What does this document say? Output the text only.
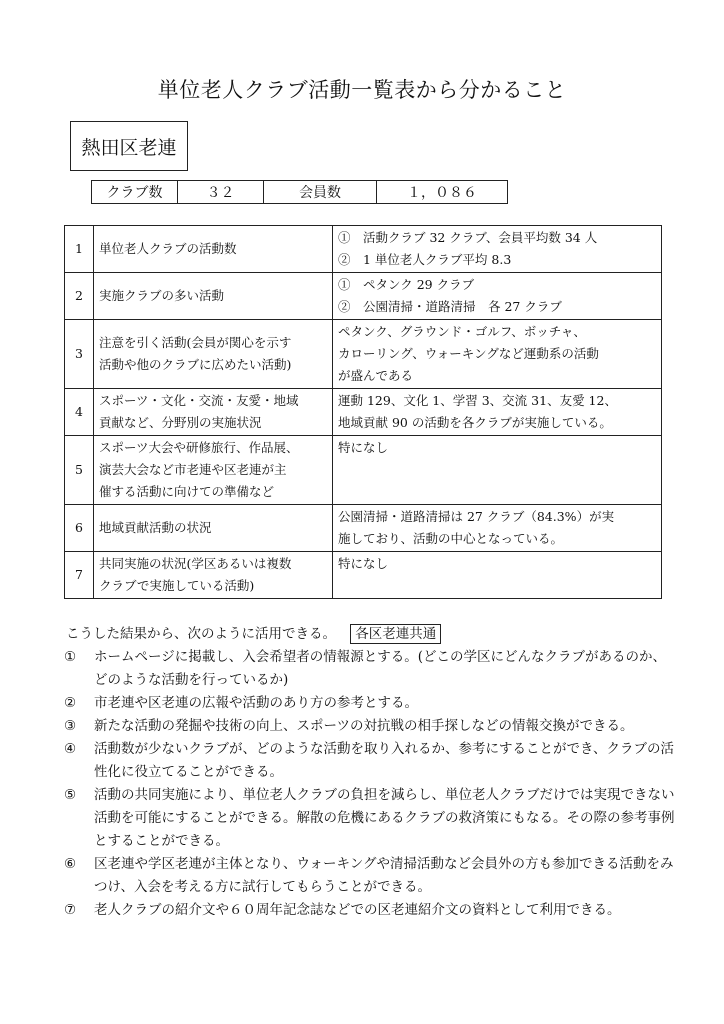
単位老人クラブ活動一覧表から分かること
熱田区老連
クラブ数	３２	会員数	１，０８６
1	単位老人クラブの活動数	①　活動クラブ 32 クラブ、会員平均数 34 人
②　1 単位老人クラブ平均 8.3

2	実施クラブの多い活動	①　ペタンク 29 クラブ
②　公園清掃・道路清掃　各 27 クラブ

3	注意を引く活動(会員が関心を示す
活動や他のクラブに広めたい活動)	ペタンク、グラウンド・ゴルフ、ボッチャ、
カローリング、ウォーキングなど運動系の活動
が盛んである

4	スポーツ・文化・交流・友愛・地域
貢献など、分野別の実施状況	運動 129、文化 1、学習 3、交流 31、友愛 12、
地域貢献 90 の活動を各クラブが実施している。

5	スポーツ大会や研修旅行、作品展、
演芸大会など市老連や区老連が主
催する活動に向けての準備など	特になし

6	地域貢献活動の状況	公園清掃・道路清掃は 27 クラブ（84.3%）が実
施しており、活動の中心となっている。

7	共同実施の状況(学区あるいは複数
クラブで実施している活動)	特になし
こうした結果から、次のように活用できる。 各区老連共通
①	ホームページに掲載し、入会希望者の情報源とする。(どこの学区にどんなクラブがあるのか、どのような活動を行っているか)
②	市老連や区老連の広報や活動のあり方の参考とする。
③	新たな活動の発掘や技術の向上、スポーツの対抗戦の相手探しなどの情報交換ができる。
④	活動数が少ないクラブが、どのような活動を取り入れるか、参考にすることができ、クラブの活性化に役立てることができる。
⑤	活動の共同実施により、単位老人クラブの負担を減らし、単位老人クラブだけでは実現できない活動を可能にすることができる。解散の危機にあるクラブの救済策にもなる。その際の参考事例とすることができる。
⑥	区老連や学区老連が主体となり、ウォーキングや清掃活動など会員外の方も参加できる活動をみつけ、入会を考える方に試行してもらうことができる。
⑦	老人クラブの紹介文や６０周年記念誌などでの区老連紹介文の資料として利用できる。
